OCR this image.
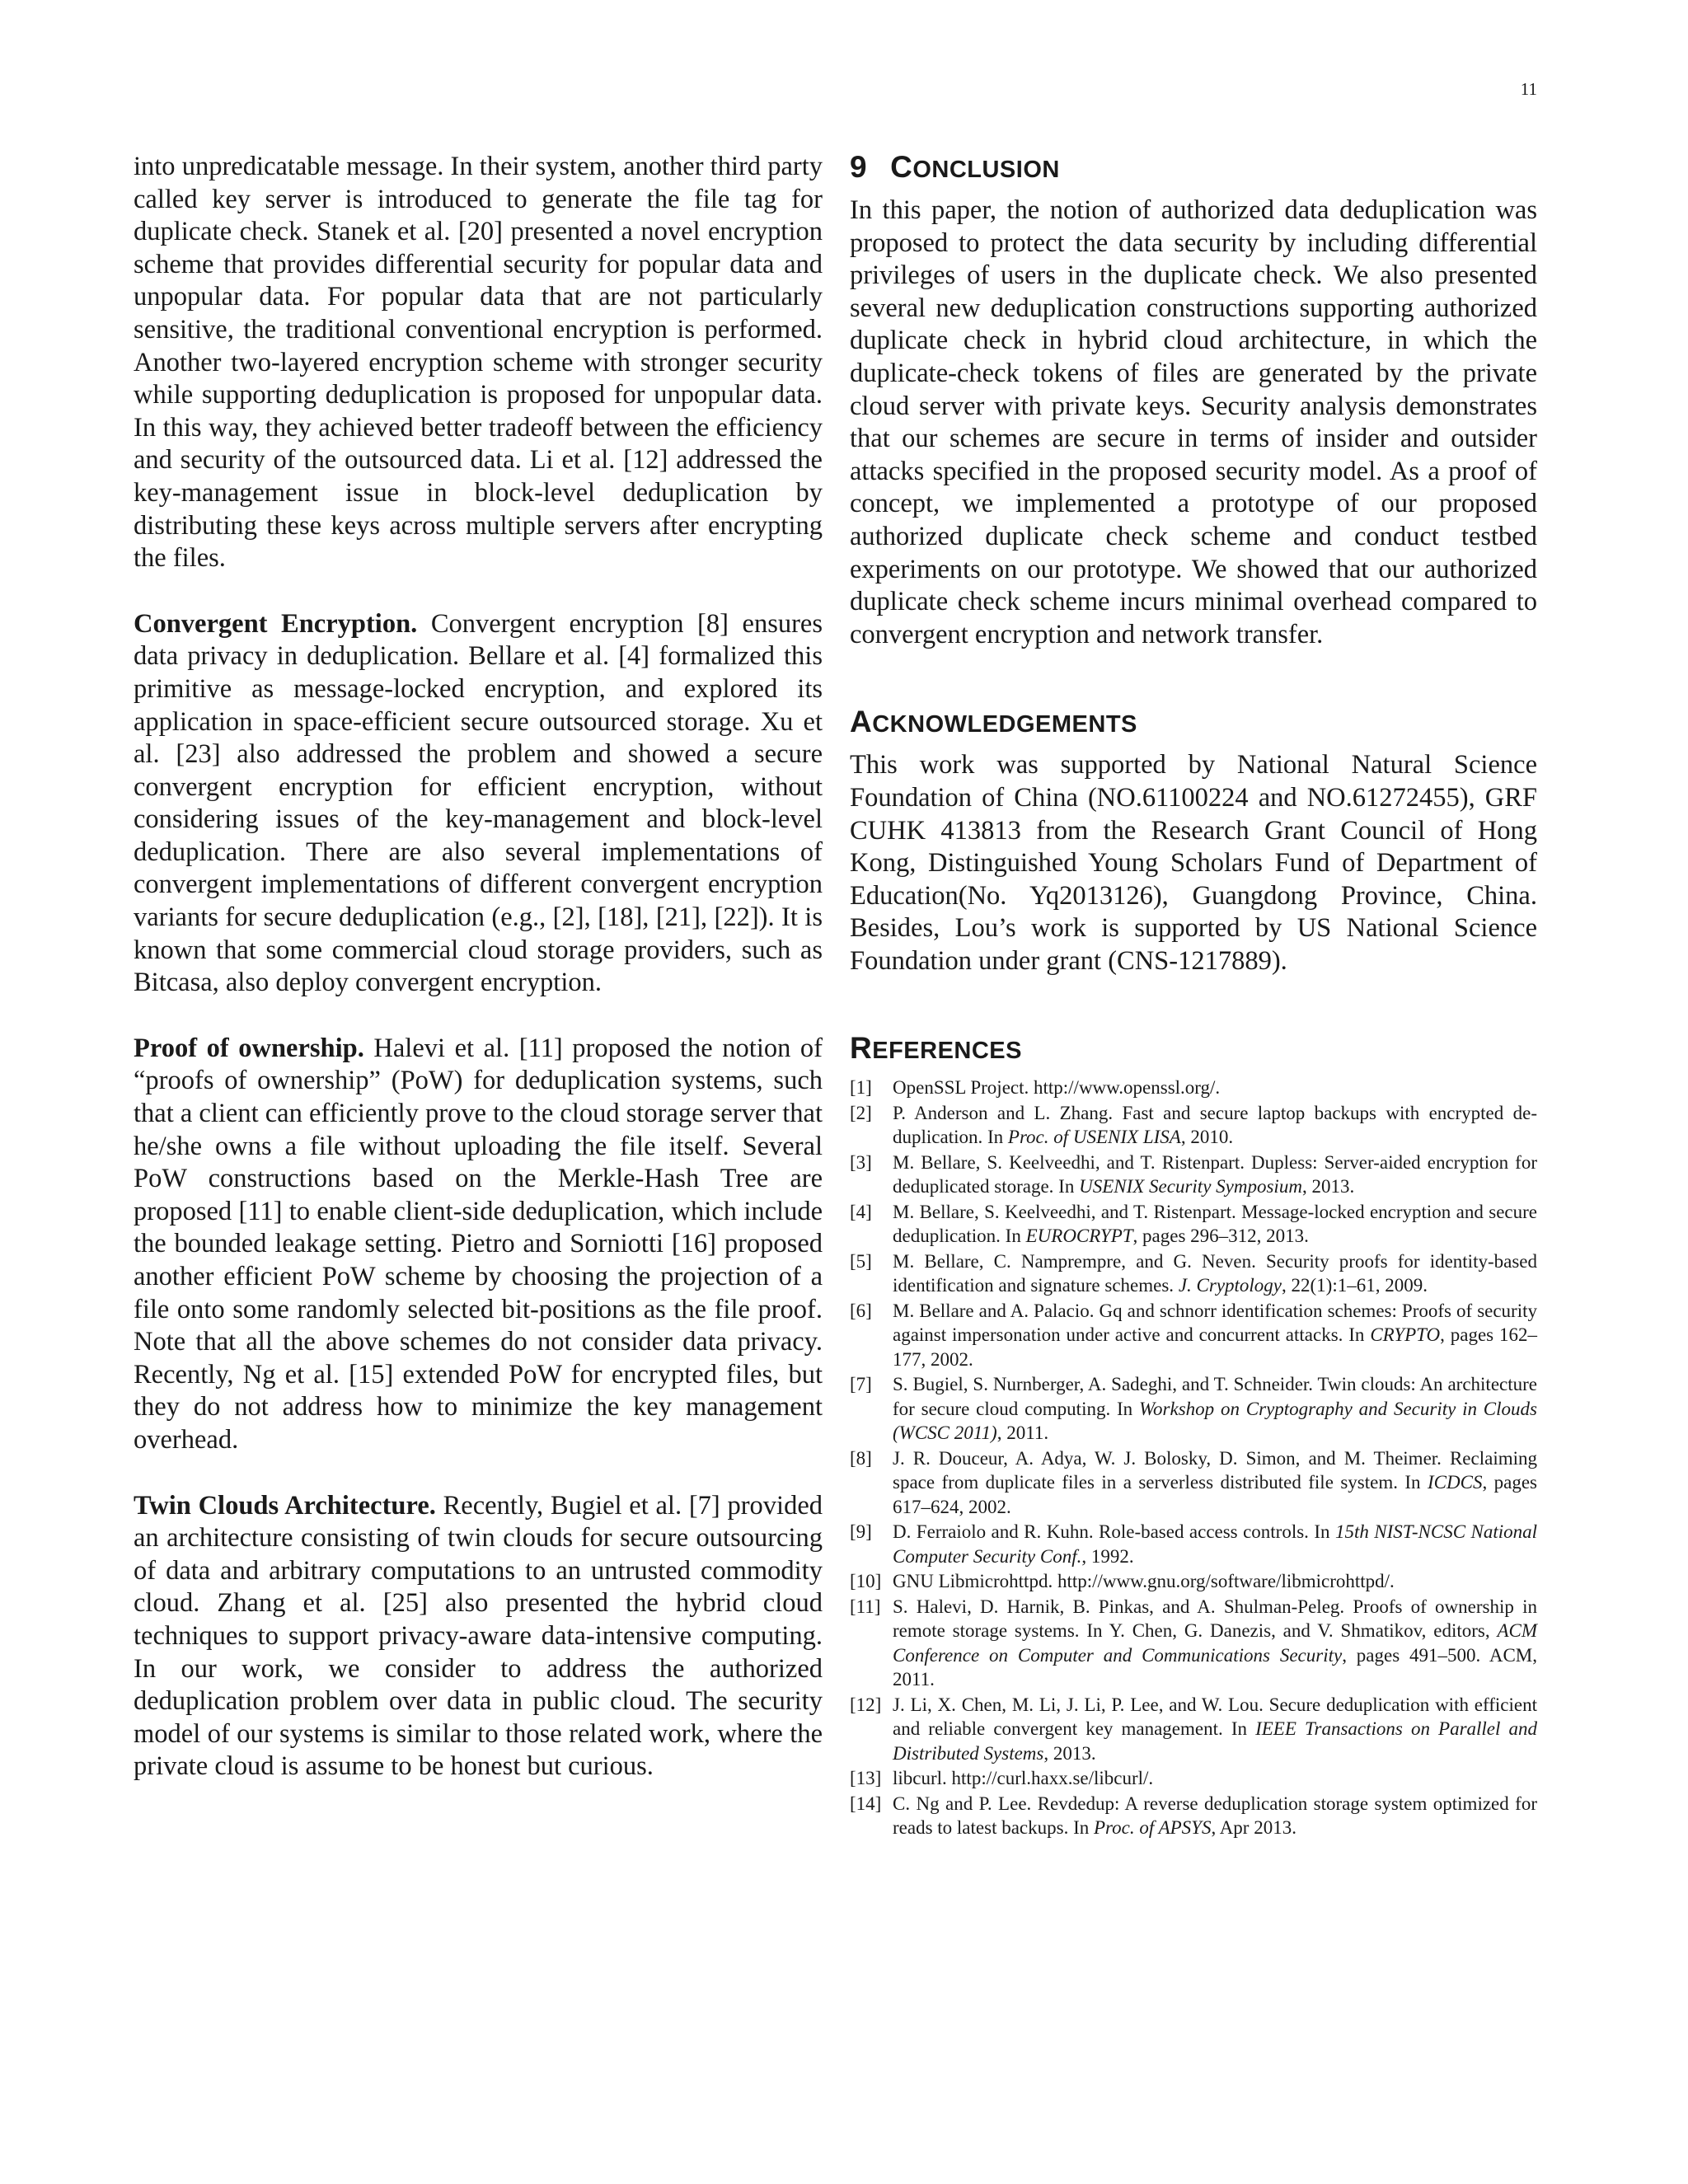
11

into unpredicatable message. In their system, another third party called key server is introduced to generate the file tag for duplicate check. Stanek et al. [20] presented a novel encryption scheme that provides differential security for popular data and unpopular data. For popular data that are not particularly sensitive, the traditional conventional encryption is performed. Another two-layered encryption scheme with stronger security while supporting deduplication is proposed for unpopular data. In this way, they achieved better tradeoff between the efficiency and security of the outsourced data. Li et al. [12] addressed the key-management issue in block-level deduplication by distributing these keys across multiple servers after encrypting the files.

Convergent Encryption. Convergent encryption [8] ensures data privacy in deduplication. Bellare et al. [4] formalized this primitive as message-locked encryption, and explored its application in space-efficient secure outsourced storage. Xu et al. [23] also addressed the problem and showed a secure convergent encryption for efficient encryption, without considering issues of the key-management and block-level deduplication. There are also several implementations of convergent implementations of different convergent encryption variants for secure deduplication (e.g., [2], [18], [21], [22]). It is known that some commercial cloud storage providers, such as Bitcasa, also deploy convergent encryption.

Proof of ownership. Halevi et al. [11] proposed the notion of “proofs of ownership” (PoW) for deduplication systems, such that a client can efficiently prove to the cloud storage server that he/she owns a file without uploading the file itself. Several PoW constructions based on the Merkle-Hash Tree are proposed [11] to enable client-side deduplication, which include the bounded leakage setting. Pietro and Sorniotti [16] proposed another efficient PoW scheme by choosing the projection of a file onto some randomly selected bit-positions as the file proof. Note that all the above schemes do not consider data privacy. Recently, Ng et al. [15] extended PoW for encrypted files, but they do not address how to minimize the key management overhead.

Twin Clouds Architecture. Recently, Bugiel et al. [7] provided an architecture consisting of twin clouds for secure outsourcing of data and arbitrary computations to an untrusted commodity cloud. Zhang et al. [25] also presented the hybrid cloud techniques to support privacy-aware data-intensive computing. In our work, we consider to address the authorized deduplication problem over data in public cloud. The security model of our systems is similar to those related work, where the private cloud is assume to be honest but curious.

9 CONCLUSION

In this paper, the notion of authorized data deduplication was proposed to protect the data security by including differential privileges of users in the duplicate check. We also presented several new deduplication constructions supporting authorized duplicate check in hybrid cloud architecture, in which the duplicate-check tokens of files are generated by the private cloud server with private keys. Security analysis demonstrates that our schemes are secure in terms of insider and outsider attacks specified in the proposed security model. As a proof of concept, we implemented a prototype of our proposed authorized duplicate check scheme and conduct testbed experiments on our prototype. We showed that our authorized duplicate check scheme incurs minimal overhead compared to convergent encryption and network transfer.

ACKNOWLEDGEMENTS

This work was supported by National Natural Science Foundation of China (NO.61100224 and NO.61272455), GRF CUHK 413813 from the Research Grant Council of Hong Kong, Distinguished Young Scholars Fund of Department of Education(No. Yq2013126), Guangdong Province, China. Besides, Lou’s work is supported by US National Science Foundation under grant (CNS-1217889).

REFERENCES
[1]	OpenSSL Project. http://www.openssl.org/.
[2]	P. Anderson and L. Zhang. Fast and secure laptop backups with encrypted de-duplication. In Proc. of USENIX LISA, 2010.
[3]	M. Bellare, S. Keelveedhi, and T. Ristenpart. Dupless: Server-aided encryption for deduplicated storage. In USENIX Security Symposium, 2013.
[4]	M. Bellare, S. Keelveedhi, and T. Ristenpart. Message-locked encryption and secure deduplication. In EUROCRYPT, pages 296–312, 2013.
[5]	M. Bellare, C. Namprempre, and G. Neven. Security proofs for identity-based identification and signature schemes. J. Cryptology, 22(1):1–61, 2009.
[6]	M. Bellare and A. Palacio. Gq and schnorr identification schemes: Proofs of security against impersonation under active and concurrent attacks. In CRYPTO, pages 162–177, 2002.
[7]	S. Bugiel, S. Nurnberger, A. Sadeghi, and T. Schneider. Twin clouds: An architecture for secure cloud computing. In Workshop on Cryptography and Security in Clouds (WCSC 2011), 2011.
[8]	J. R. Douceur, A. Adya, W. J. Bolosky, D. Simon, and M. Theimer. Reclaiming space from duplicate files in a serverless distributed file system. In ICDCS, pages 617–624, 2002.
[9]	D. Ferraiolo and R. Kuhn. Role-based access controls. In 15th NIST-NCSC National Computer Security Conf., 1992.
[10] GNU Libmicrohttpd. http://www.gnu.org/software/libmicrohttpd/.
[11] S. Halevi, D. Harnik, B. Pinkas, and A. Shulman-Peleg. Proofs of ownership in remote storage systems. In Y. Chen, G. Danezis, and V. Shmatikov, editors, ACM Conference on Computer and Communications Security, pages 491–500. ACM, 2011.
[12] J. Li, X. Chen, M. Li, J. Li, P. Lee, and W. Lou. Secure deduplication with efficient and reliable convergent key management. In IEEE Transactions on Parallel and Distributed Systems, 2013.
[13] libcurl. http://curl.haxx.se/libcurl/.
[14] C. Ng and P. Lee. Revdedup: A reverse deduplication storage system optimized for reads to latest backups. In Proc. of APSYS, Apr 2013.
